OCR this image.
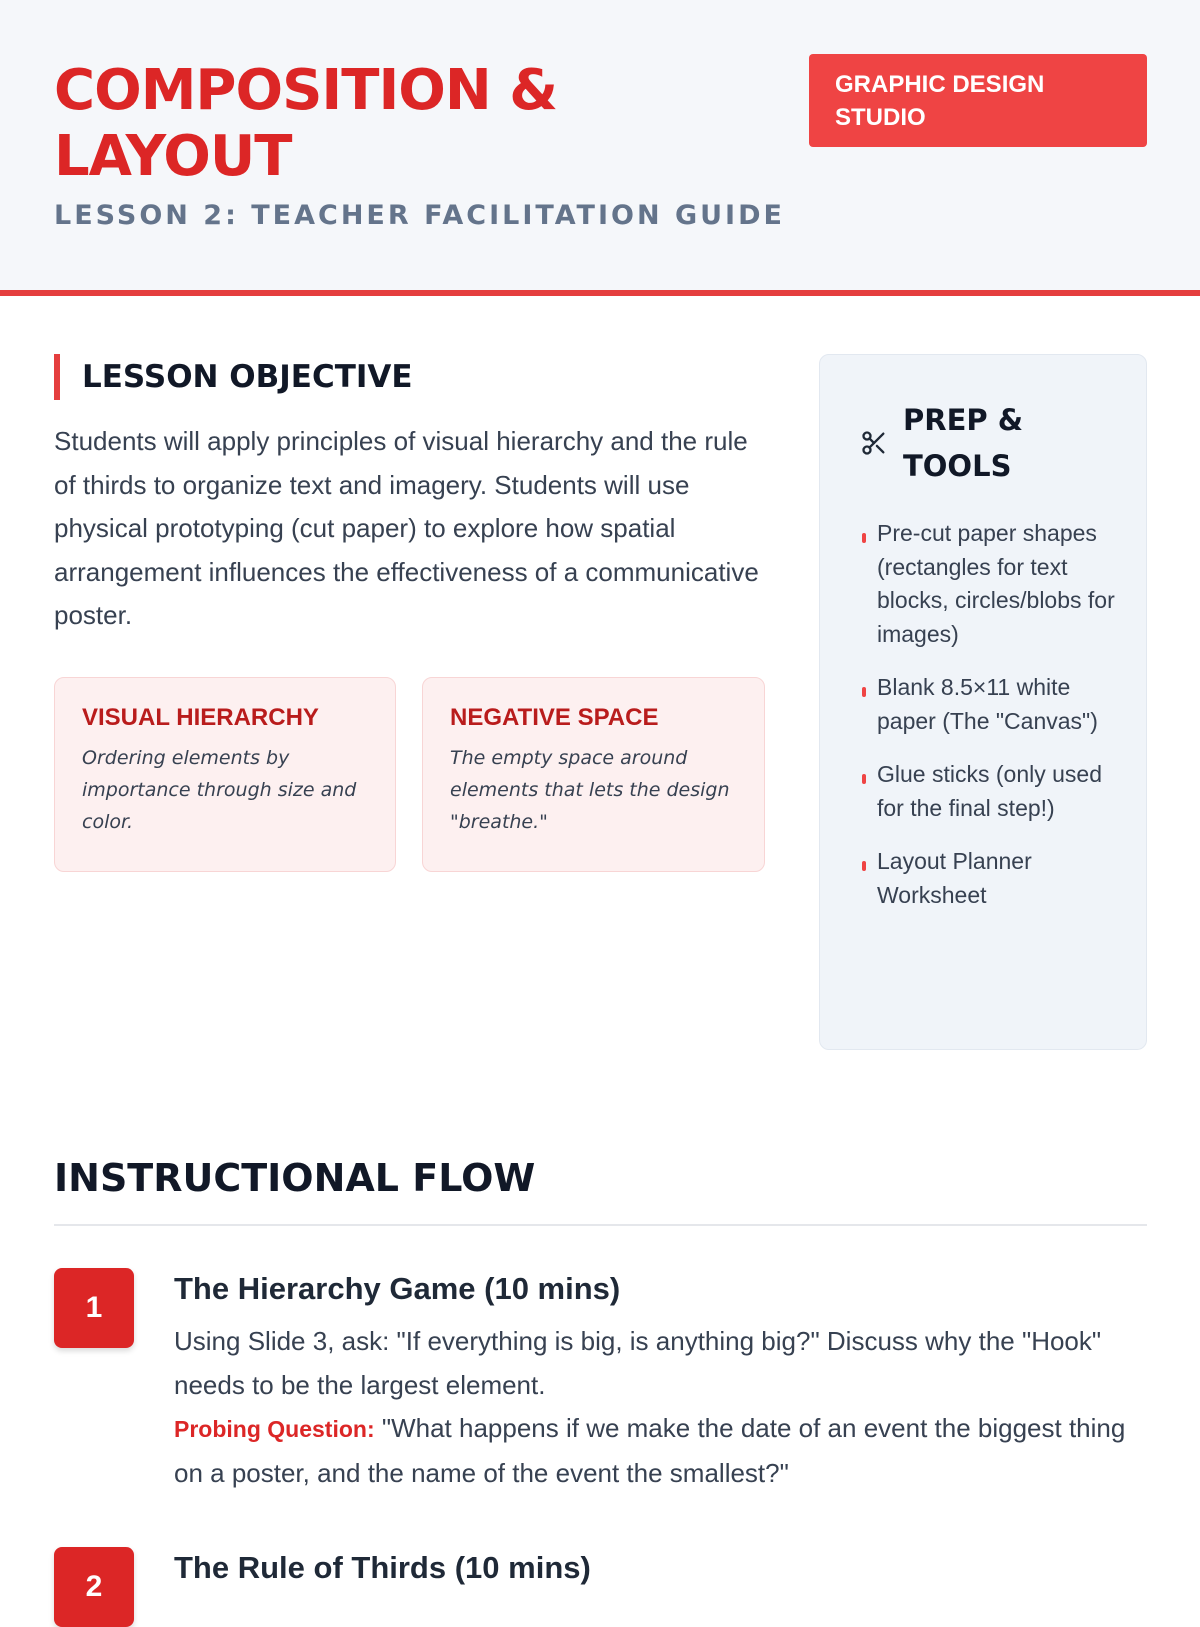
COMPOSITION &
LAYOUT
LESSON 2: TEACHER FACILITATION GUIDE
GRAPHIC DESIGN
STUDIO
LESSON OBJECTIVE
Students will apply principles of visual hierarchy and the rule of thirds to organize text and imagery. Students will use physical prototyping (cut paper) to explore how spatial arrangement influences the effectiveness of a communicative poster.
VISUAL HIERARCHY
Ordering elements by importance through size and color.
NEGATIVE SPACE
The empty space around elements that lets the design "breathe."
PREP &
TOOLS
Pre-cut paper shapes (rectangles for text blocks, circles/blobs for images)
Blank 8.5×11 white paper (The "Canvas")
Glue sticks (only used for the final step!)
Layout Planner Worksheet
INSTRUCTIONAL FLOW
1
The Hierarchy Game (10 mins)
Using Slide 3, ask: "If everything is big, is anything big?" Discuss why the "Hook" needs to be the largest element.
Probing Question: "What happens if we make the date of an event the biggest thing on a poster, and the name of the event the smallest?"
2
The Rule of Thirds (10 mins)
